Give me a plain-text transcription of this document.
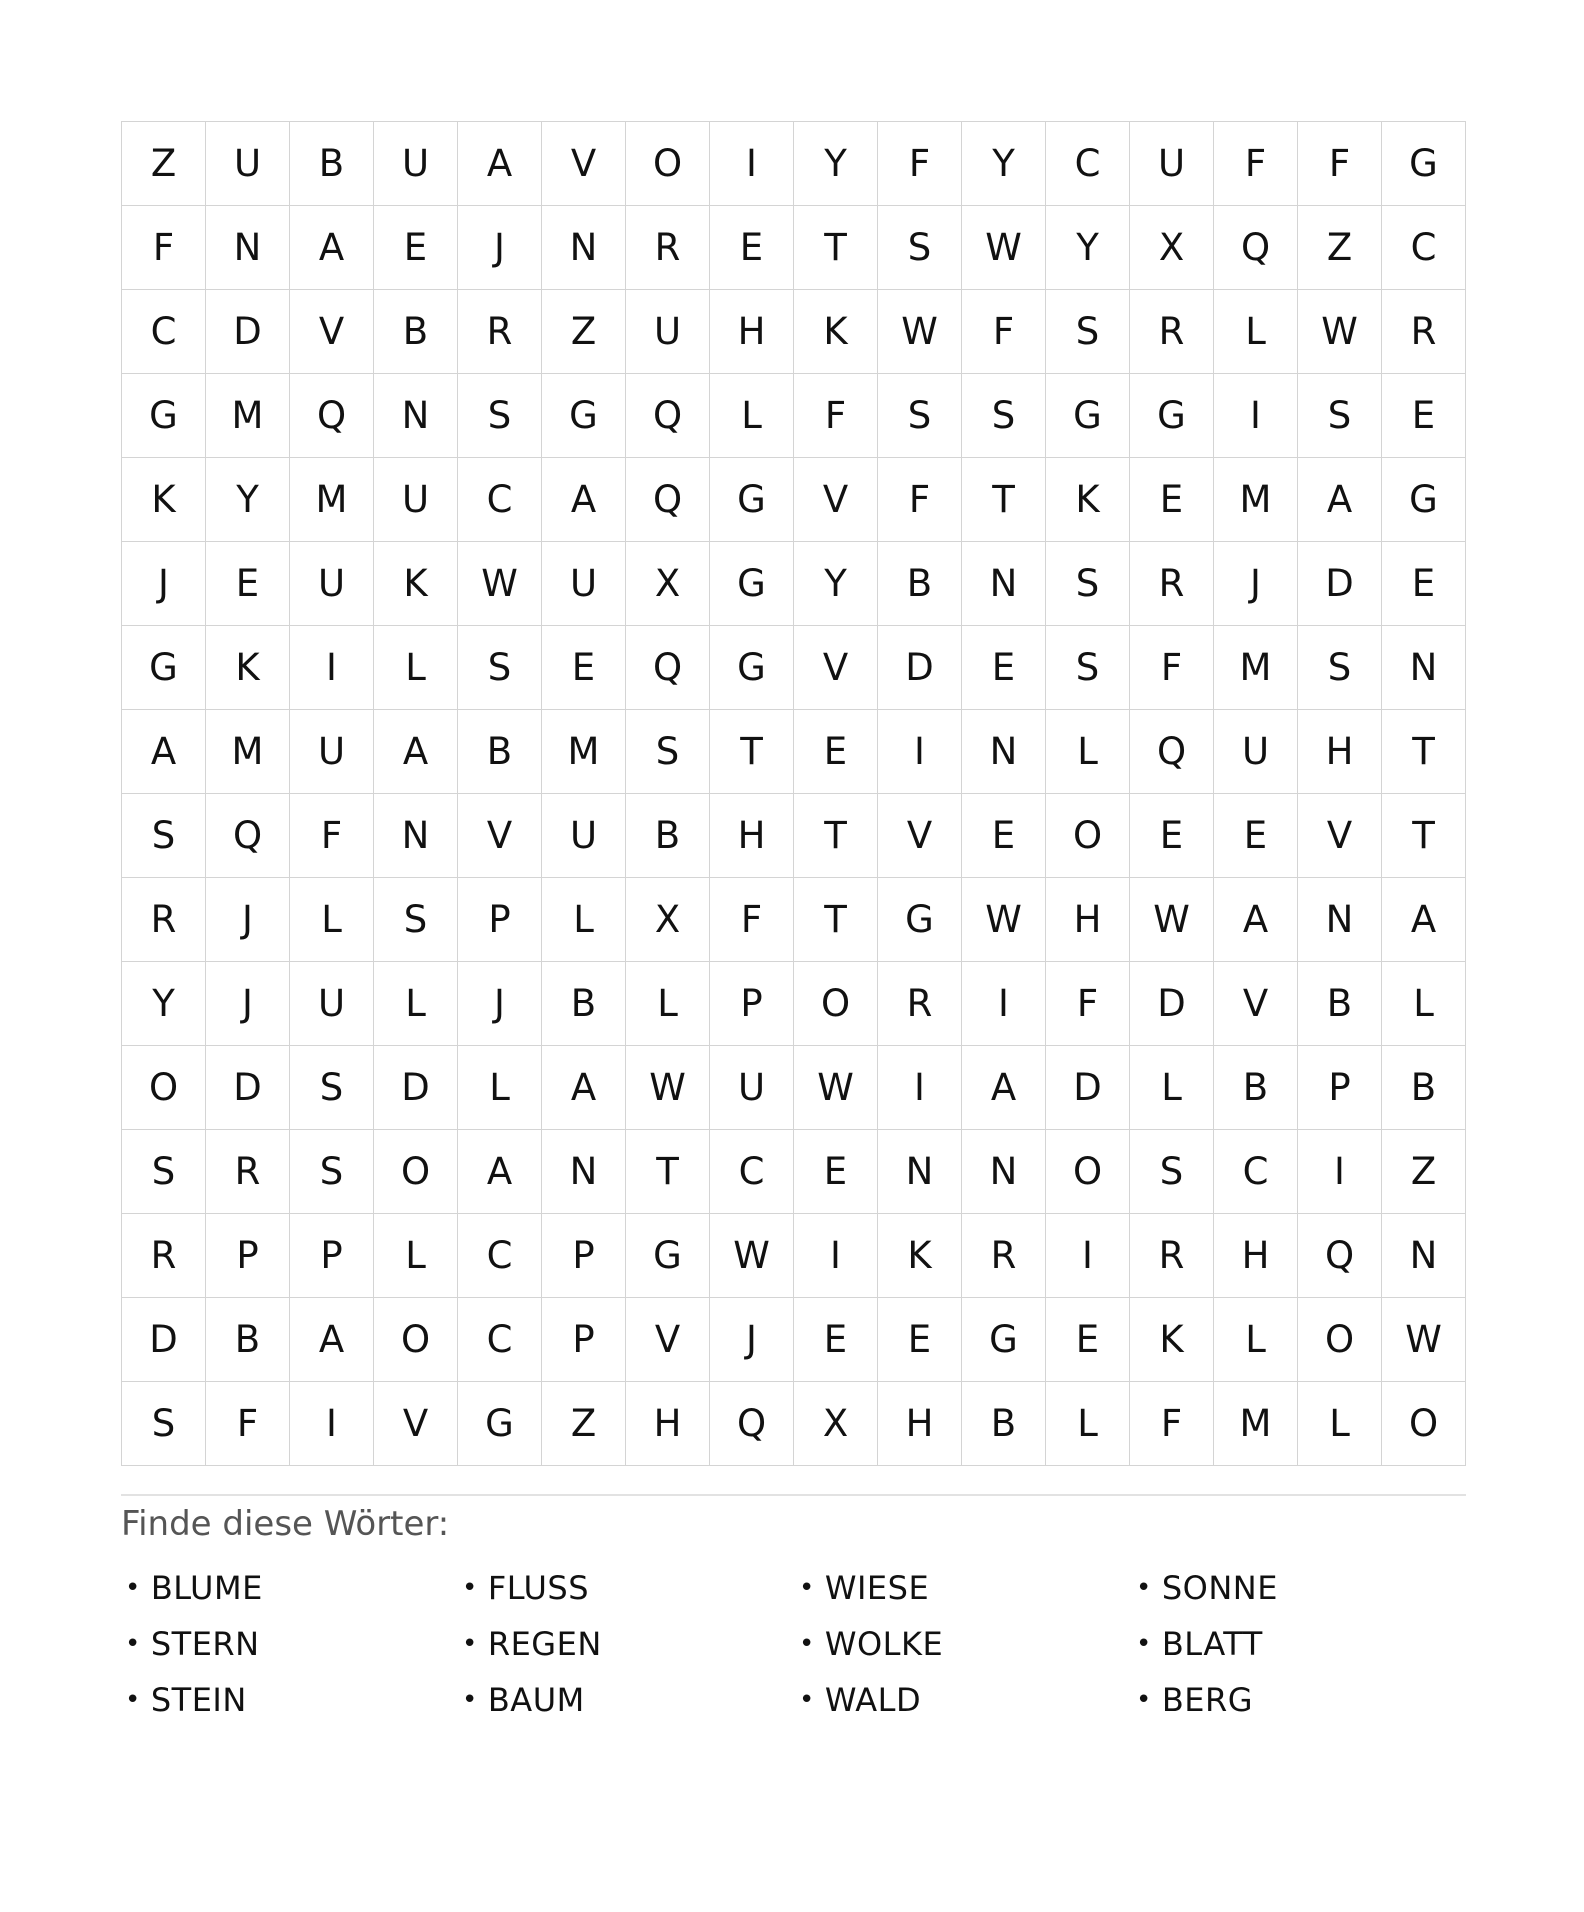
Z	U	B	U	A	V	O	I	Y	F	Y	C	U	F	F	G
F	N	A	E	J	N	R	E	T	S	W	Y	X	Q	Z	C
C	D	V	B	R	Z	U	H	K	W	F	S	R	L	W	R
G	M	Q	N	S	G	Q	L	F	S	S	G	G	I	S	E
K	Y	M	U	C	A	Q	G	V	F	T	K	E	M	A	G
J	E	U	K	W	U	X	G	Y	B	N	S	R	J	D	E
G	K	I	L	S	E	Q	G	V	D	E	S	F	M	S	N
A	M	U	A	B	M	S	T	E	I	N	L	Q	U	H	T
S	Q	F	N	V	U	B	H	T	V	E	O	E	E	V	T
R	J	L	S	P	L	X	F	T	G	W	H	W	A	N	A
Y	J	U	L	J	B	L	P	O	R	I	F	D	V	B	L
O	D	S	D	L	A	W	U	W	I	A	D	L	B	P	B
S	R	S	O	A	N	T	C	E	N	N	O	S	C	I	Z
R	P	P	L	C	P	G	W	I	K	R	I	R	H	Q	N
D	B	A	O	C	P	V	J	E	E	G	E	K	L	O	W
S	F	I	V	G	Z	H	Q	X	H	B	L	F	M	L	O
Finde diese Wörter:
• BLUME	• FLUSS	• WIESE	• SONNE
• STERN	• REGEN	• WOLKE	• BLATT
• STEIN	• BAUM	• WALD	• BERG
